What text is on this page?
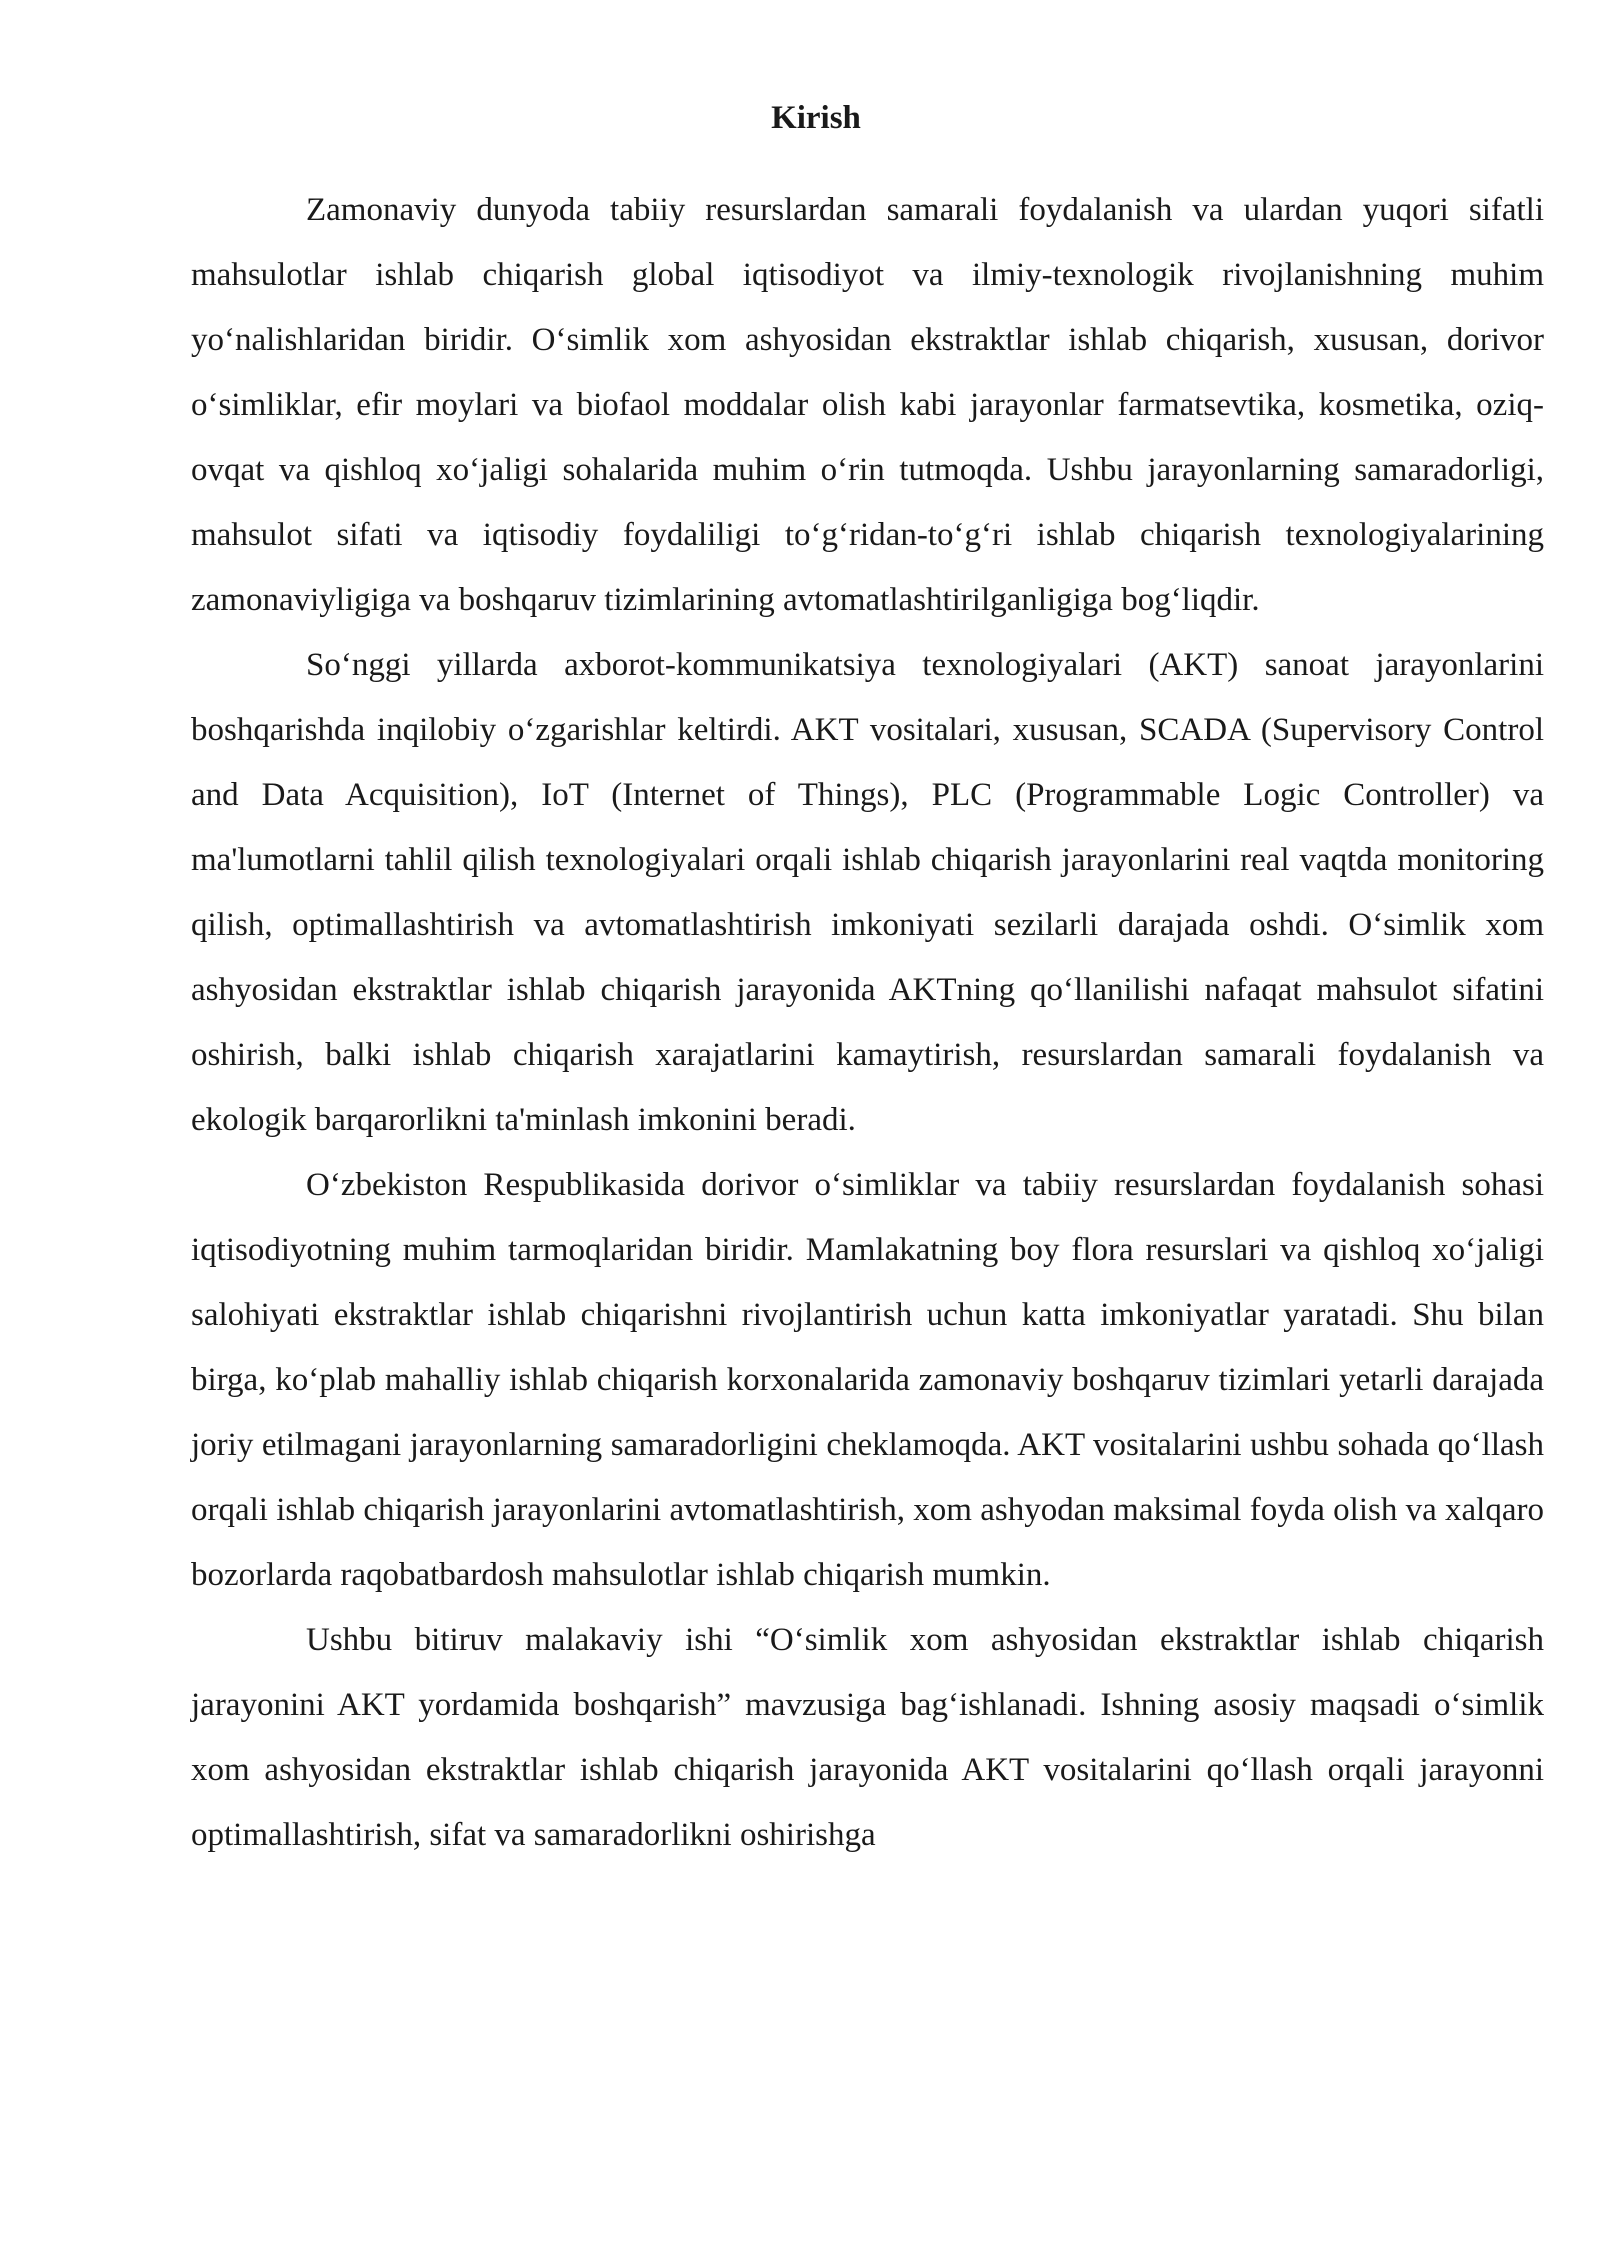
Kirish

Zamonaviy dunyoda tabiiy resurslardan samarali foydalanish va ulardan yuqori sifatli mahsulotlar ishlab chiqarish global iqtisodiyot va ilmiy-texnologik rivojlanishning muhim yo‘nalishlaridan biridir. O‘simlik xom ashyosidan ekstraktlar ishlab chiqarish, xususan, dorivor o‘simliklar, efir moylari va biofaol moddalar olish kabi jarayonlar farmatsevtika, kosmetika, oziq-ovqat va qishloq xo‘jaligi sohalarida muhim o‘rin tutmoqda. Ushbu jarayonlarning samaradorligi, mahsulot sifati va iqtisodiy foydaliligi to‘g‘ridan-to‘g‘ri ishlab chiqarish texnologiyalarining zamonaviyligiga va boshqaruv tizimlarining avtomatlashtirilganligiga bog‘liqdir.

So‘nggi yillarda axborot-kommunikatsiya texnologiyalari (AKT) sanoat jarayonlarini boshqarishda inqilobiy o‘zgarishlar keltirdi. AKT vositalari, xususan, SCADA (Supervisory Control and Data Acquisition), IoT (Internet of Things), PLC (Programmable Logic Controller) va ma'lumotlarni tahlil qilish texnologiyalari orqali ishlab chiqarish jarayonlarini real vaqtda monitoring qilish, optimallashtirish va avtomatlashtirish imkoniyati sezilarli darajada oshdi. O‘simlik xom ashyosidan ekstraktlar ishlab chiqarish jarayonida AKTning qo‘llanilishi nafaqat mahsulot sifatini oshirish, balki ishlab chiqarish xarajatlarini kamaytirish, resurslardan samarali foydalanish va ekologik barqarorlikni ta'minlash imkonini beradi.

O‘zbekiston Respublikasida dorivor o‘simliklar va tabiiy resurslardan foydalanish sohasi iqtisodiyotning muhim tarmoqlaridan biridir. Mamlakatning boy flora resurslari va qishloq xo‘jaligi salohiyati ekstraktlar ishlab chiqarishni rivojlantirish uchun katta imkoniyatlar yaratadi. Shu bilan birga, ko‘plab mahalliy ishlab chiqarish korxonalarida zamonaviy boshqaruv tizimlari yetarli darajada joriy etilmagani jarayonlarning samaradorligini cheklamoqda. AKT vositalarini ushbu sohada qo‘llash orqali ishlab chiqarish jarayonlarini avtomatlashtirish, xom ashyodan maksimal foyda olish va xalqaro bozorlarda raqobatbardosh mahsulotlar ishlab chiqarish mumkin.

Ushbu bitiruv malakaviy ishi “O‘simlik xom ashyosidan ekstraktlar ishlab chiqarish jarayonini AKT yordamida boshqarish” mavzusiga bag‘ishlanadi. Ishning asosiy maqsadi o‘simlik xom ashyosidan ekstraktlar ishlab chiqarish jarayonida AKT vositalarini qo‘llash orqali jarayonni optimallashtirish, sifat va samaradorlikni oshirishga
